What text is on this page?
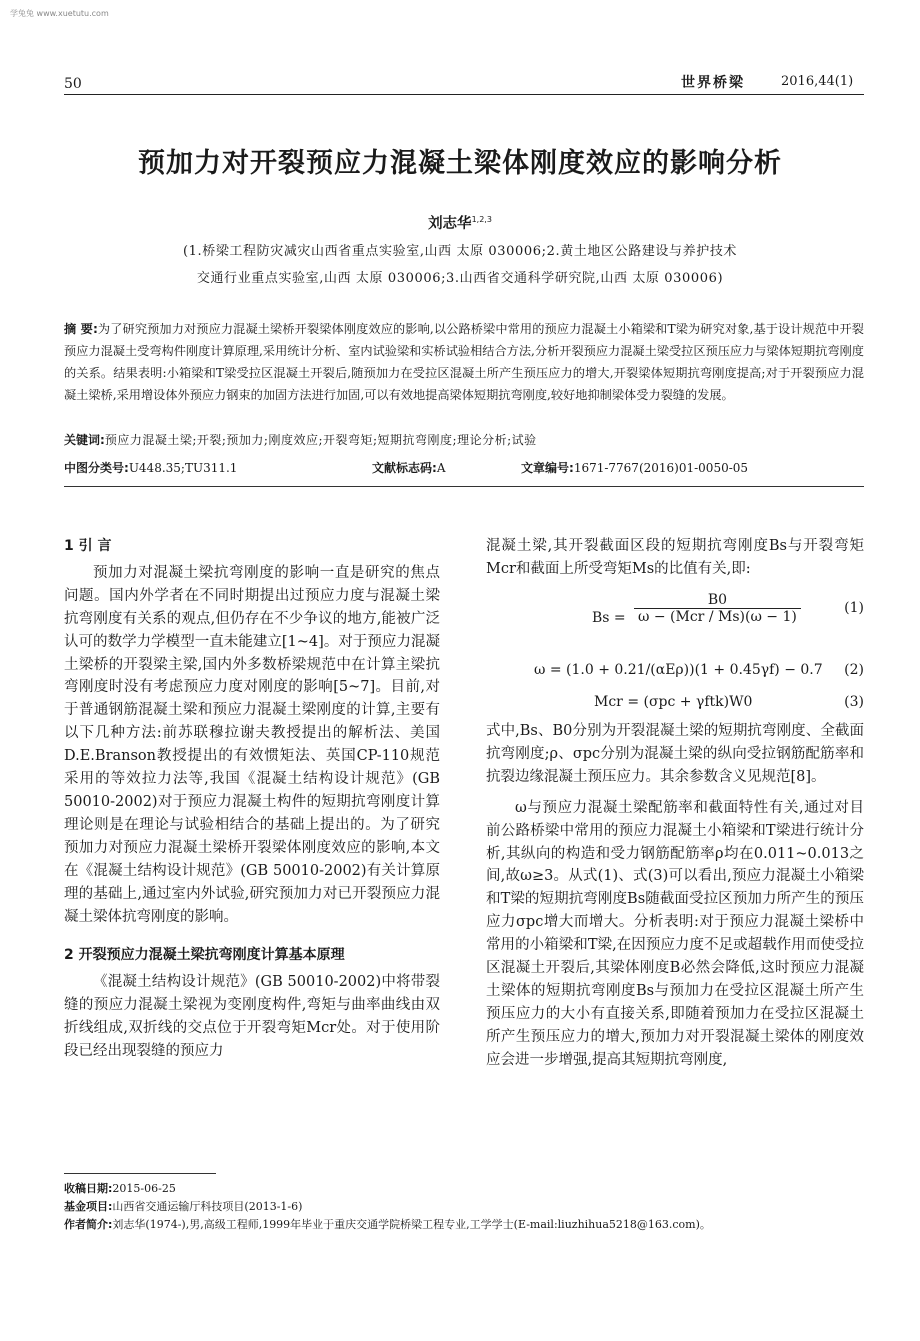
学兔兔 www.xuetutu.com
50	世界桥梁	2016,44(1)
预加力对开裂预应力混凝土梁体刚度效应的影响分析
刘志华$^{1,2,3}$
(1.桥梁工程防灾减灾山西省重点实验室,山西 太原 030006;2.黄土地区公路建设与养护技术
交通行业重点实验室,山西 太原 030006;3.山西省交通科学研究院,山西 太原 030006)
摘 要:为了研究预加力对预应力混凝土梁桥开裂梁体刚度效应的影响,以公路桥梁中常用的预应力混凝土小箱梁和T梁为研究对象,基于设计规范中开裂预应力混凝土受弯构件刚度计算原理,采用统计分析、室内试验梁和实桥试验相结合方法,分析开裂预应力混凝土梁受拉区预压应力与梁体短期抗弯刚度的关系。结果表明:小箱梁和T梁受拉区混凝土开裂后,随预加力在受拉区混凝土所产生预压应力的增大,开裂梁体短期抗弯刚度提高;对于开裂预应力混凝土梁桥,采用增设体外预应力钢束的加固方法进行加固,可以有效地提高梁体短期抗弯刚度,较好地抑制梁体受力裂缝的发展。
关键词:预应力混凝土梁;开裂;预加力;刚度效应;开裂弯矩;短期抗弯刚度;理论分析;试验
中图分类号:U448.35;TU311.1	文献标志码:A	文章编号:1671-7767(2016)01-0050-05
1 引 言

预加力对混凝土梁抗弯刚度的影响一直是研究的焦点问题。国内外学者在不同时期提出过预应力度与混凝土梁抗弯刚度有关系的观点,但仍存在不少争议的地方,能被广泛认可的数学力学模型一直未能建立[1~4]。对于预应力混凝土梁桥的开裂梁主梁,国内外多数桥梁规范中在计算主梁抗弯刚度时没有考虑预应力度对刚度的影响[5~7]。目前,对于普通钢筋混凝土梁和预应力混凝土梁刚度的计算,主要有以下几种方法:前苏联穆拉谢夫教授提出的解析法、美国D.E.Branson教授提出的有效惯矩法、英国CP-110规范采用的等效拉力法等,我国《混凝土结构设计规范》(GB 50010-2002)对于预应力混凝土构件的短期抗弯刚度计算理论则是在理论与试验相结合的基础上提出的。为了研究预加力对预应力混凝土梁桥开裂梁体刚度效应的影响,本文在《混凝土结构设计规范》(GB 50010-2002)有关计算原理的基础上,通过室内外试验,研究预加力对已开裂预应力混凝土梁体抗弯刚度的影响。

2 开裂预应力混凝土梁抗弯刚度计算基本原理

《混凝土结构设计规范》(GB 50010-2002)中将带裂缝的预应力混凝土梁视为变刚度构件,弯矩与曲率曲线由双折线组成,双折线的交点位于开裂弯矩Mcr处。对于使用阶段已经出现裂缝的预应力

混凝土梁,其开裂截面区段的短期抗弯刚度Bs与开裂弯矩Mcr和截面上所受弯矩Ms的比值有关,即:

Bs =
B0
ω − (Mcr / Ms)(ω − 1)
(1)
ω = (1.0 + 0.21/(αEρ))(1 + 0.45γf) − 0.7 (2)
Mcr = (σpc + γftk)W0	(3)

式中,Bs、B0分别为开裂混凝土梁的短期抗弯刚度、全截面抗弯刚度;ρ、σpc分别为混凝土梁的纵向受拉钢筋配筋率和抗裂边缘混凝土预压应力。其余参数含义见规范[8]。

ω与预应力混凝土梁配筋率和截面特性有关,通过对目前公路桥梁中常用的预应力混凝土小箱梁和T梁进行统计分析,其纵向的构造和受力钢筋配筋率ρ均在0.011~0.013之间,故ω≥3。从式(1)、式(3)可以看出,预应力混凝土小箱梁和T梁的短期抗弯刚度Bs随截面受拉区预加力所产生的预压应力σpc增大而增大。分析表明:对于预应力混凝土梁桥中常用的小箱梁和T梁,在因预应力度不足或超载作用而使受拉区混凝土开裂后,其梁体刚度B必然会降低,这时预应力混凝土梁体的短期抗弯刚度Bs与预加力在受拉区混凝土所产生预压应力的大小有直接关系,即随着预加力在受拉区混凝土所产生预压应力的增大,预加力对开裂混凝土梁体的刚度效应会进一步增强,提高其短期抗弯刚度,

收稿日期:2015-06-25
基金项目:山西省交通运输厅科技项目(2013-1-6)
作者简介:刘志华(1974-),男,高级工程师,1999年毕业于重庆交通学院桥梁工程专业,工学学士(E-mail:liuzhihua5218@163.com)。
